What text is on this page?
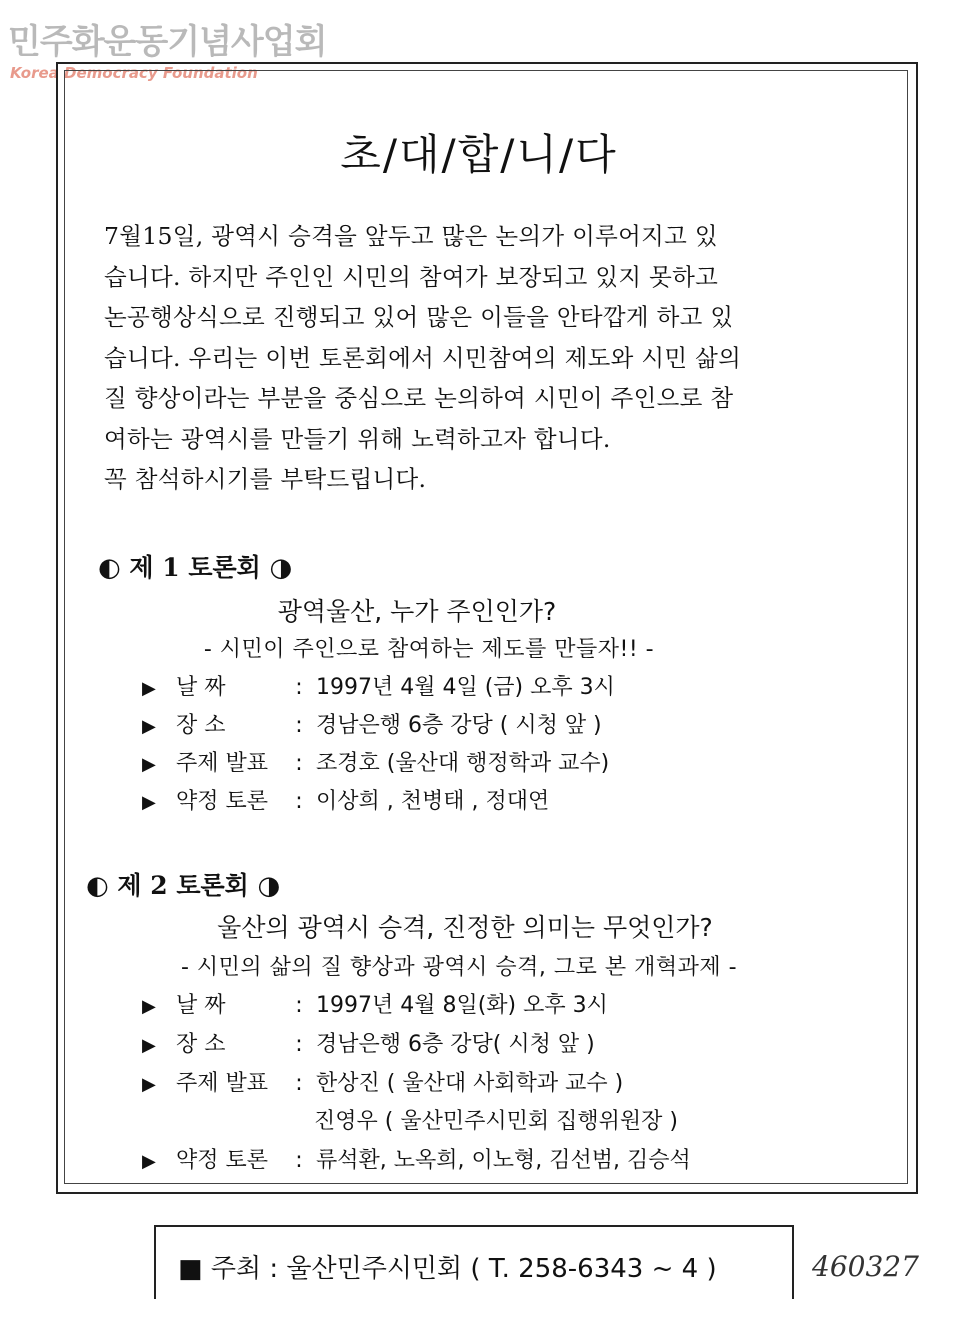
민주화운동기념사업회
Korea Democracy Foundation
초/대/합/니/다

7월15일, 광역시 승격을 앞두고 많은 논의가 이루어지고 있

습니다. 하지만 주인인 시민의 참여가 보장되고 있지 못하고

논공행상식으로 진행되고 있어 많은 이들을 안타깝게 하고 있

습니다. 우리는 이번 토론회에서 시민참여의 제도와 시민 삶의

질 향상이라는 부분을 중심으로 논의하여 시민이 주인으로 참

여하는 광역시를 만들기 위해 노력하고자 합니다.

꼭 참석하시기를 부탁드립니다.

◐ 제 1 토론회 ◑
광역울산, 누가 주인인가?
- 시민이 주인으로 참여하는 제도를 만들자!! -
▶ 날 짜	: 1997년 4월 4일 (금) 오후 3시
▶ 장 소	: 경남은행 6층 강당 ( 시청 앞 )
▶ 주제 발표	: 조경호 (울산대 행정학과 교수)
▶ 약정 토론	: 이상희 , 천병태 , 정대연
◐ 제 2 토론회 ◑
울산의 광역시 승격, 진정한 의미는 무엇인가?
- 시민의 삶의 질 향상과 광역시 승격, 그로 본 개혁과제 -
▶ 날 짜	: 1997년 4월 8일(화) 오후 3시
▶ 장 소	: 경남은행 6층 강당( 시청 앞 )
▶ 주제 발표	: 한상진 ( 울산대 사회학과 교수 )
진영우 ( 울산민주시민회 집행위원장 )
▶ 약정 토론	: 류석환, 노옥희, 이노형, 김선범, 김승석
■ 주최 : 울산민주시민회 ( T. 258-6343 ~ 4 )	460327
